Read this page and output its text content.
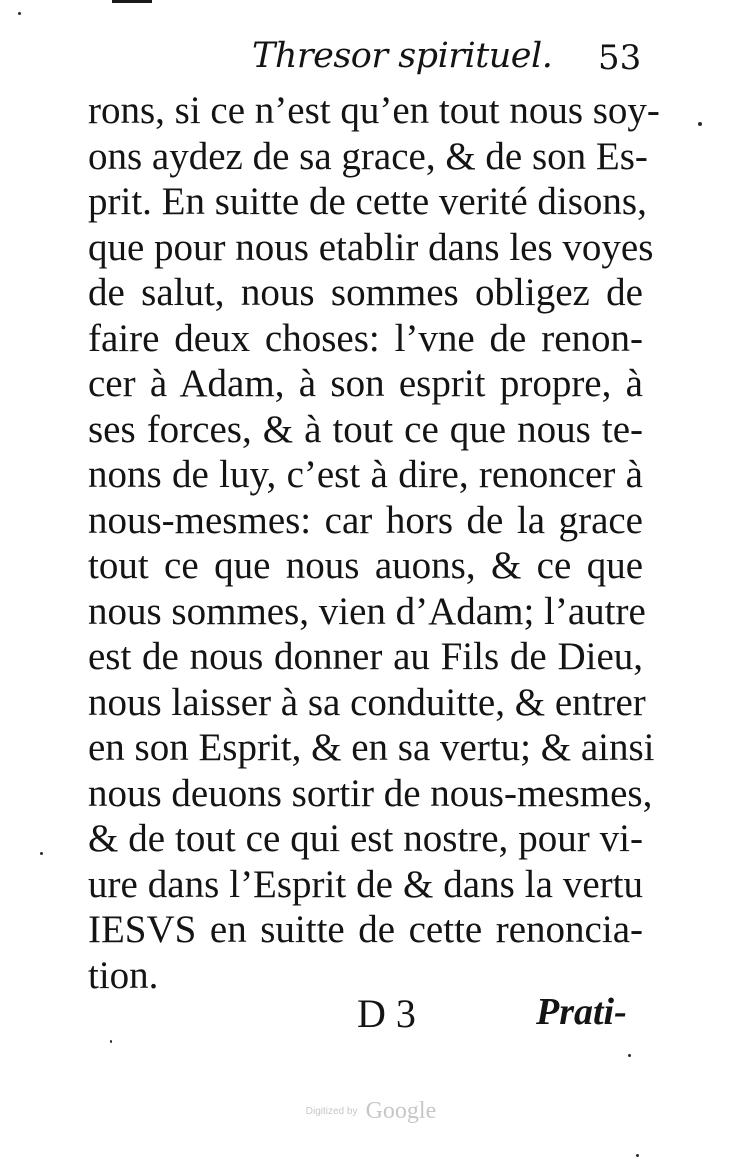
Thresor spirituel. 53
rons, si ce n’est qu’en tout nous soy-
ons aydez de sa grace, & de son Es-
prit. En suitte de cette verité disons,
que pour nous etablir dans les voyes
de salut, nous sommes obligez de
faire deux choses: l’vne de renon-
cer à Adam, à son esprit propre, à
ses forces, & à tout ce que nous te-
nons de luy, c’est à dire, renoncer à
nous-mesmes: car hors de la grace
tout ce que nous auons, & ce que
nous sommes, vien d’Adam; l’autre
est de nous donner au Fils de Dieu,
nous laisser à sa conduitte, & entrer
en son Esprit, & en sa vertu; & ainsi
nous deuons sortir de nous-mesmes,
& de tout ce qui est nostre, pour vi-
ure dans l’Esprit de & dans la vertu
IESVS en suitte de cette renoncia-
tion.
D 3	Prati-
Digitized by Google
